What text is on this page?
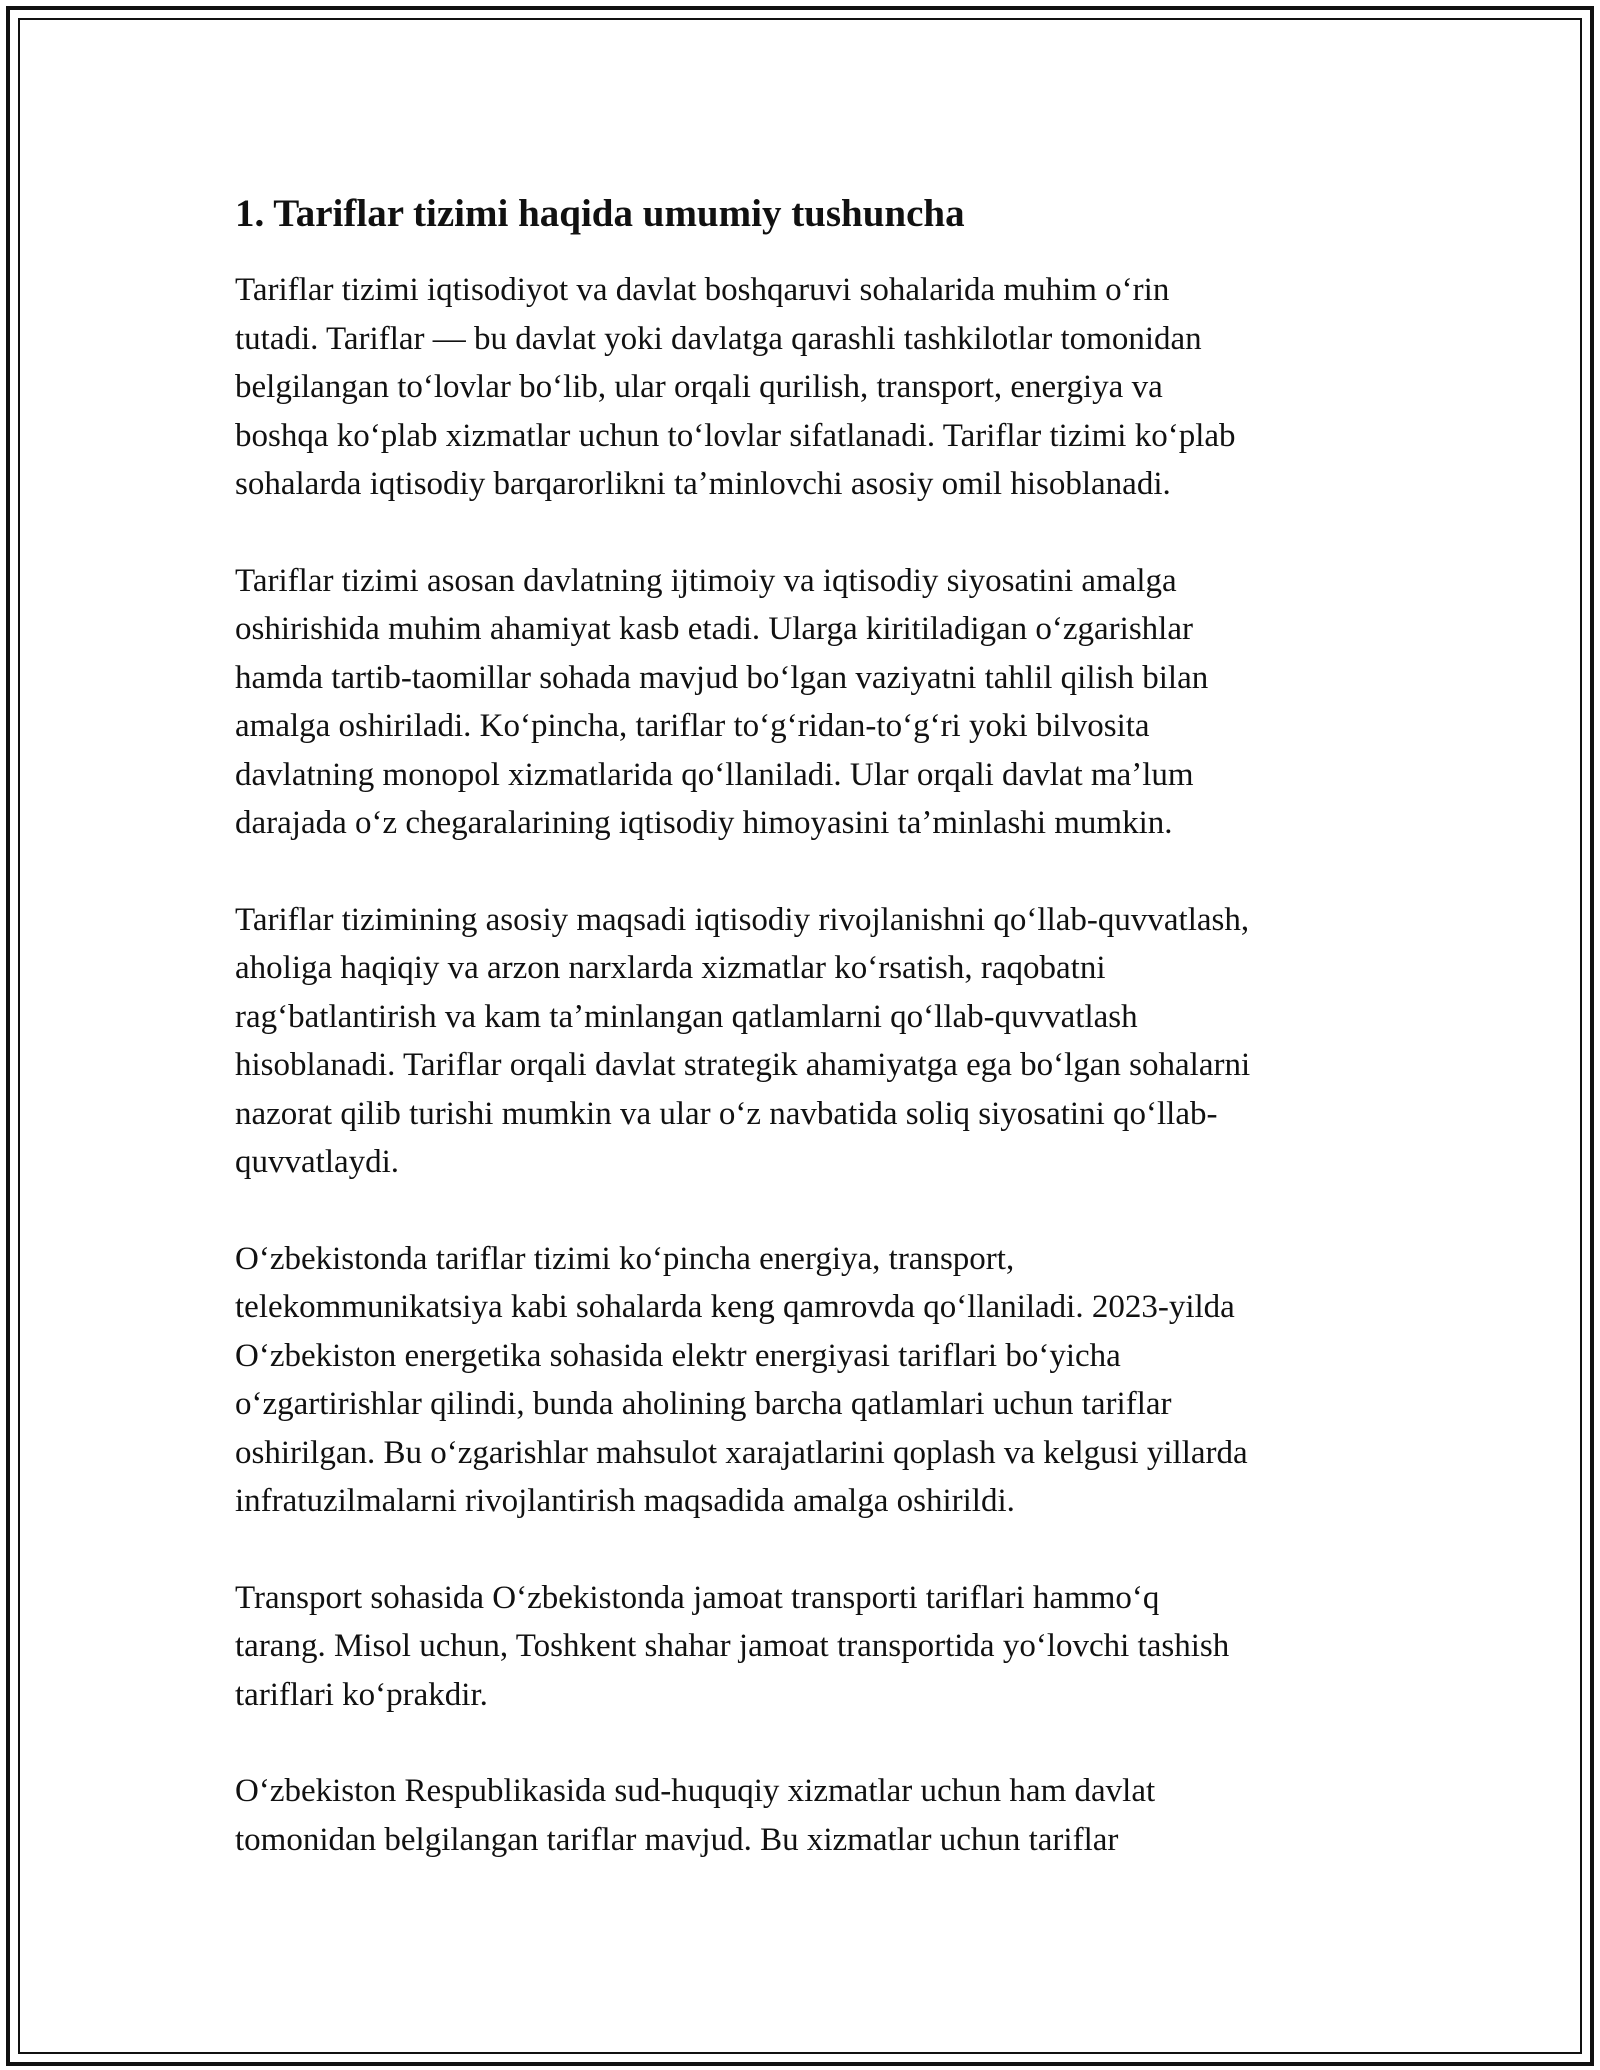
1. Tariflar tizimi haqida umumiy tushuncha

Tariflar tizimi iqtisodiyot va davlat boshqaruvi sohalarida muhim oʻrin
tutadi. Tariflar — bu davlat yoki davlatga qarashli tashkilotlar tomonidan
belgilangan toʻlovlar boʻlib, ular orqali qurilish, transport, energiya va
boshqa koʻplab xizmatlar uchun toʻlovlar sifatlanadi. Tariflar tizimi koʻplab
sohalarda iqtisodiy barqarorlikni taʼminlovchi asosiy omil hisoblanadi.

Tariflar tizimi asosan davlatning ijtimoiy va iqtisodiy siyosatini amalga
oshirishida muhim ahamiyat kasb etadi. Ularga kiritiladigan oʻzgarishlar
hamda tartib-taomillar sohada mavjud boʻlgan vaziyatni tahlil qilish bilan
amalga oshiriladi. Koʻpincha, tariflar toʻgʻridan-toʻgʻri yoki bilvosita
davlatning monopol xizmatlarida qoʻllaniladi. Ular orqali davlat maʼlum
darajada oʻz chegaralarining iqtisodiy himoyasini taʼminlashi mumkin.

Tariflar tizimining asosiy maqsadi iqtisodiy rivojlanishni qoʻllab-quvvatlash,
aholiga haqiqiy va arzon narxlarda xizmatlar koʻrsatish, raqobatni
ragʻbatlantirish va kam taʼminlangan qatlamlarni qoʻllab-quvvatlash
hisoblanadi. Tariflar orqali davlat strategik ahamiyatga ega boʻlgan sohalarni
nazorat qilib turishi mumkin va ular oʻz navbatida soliq siyosatini qoʻllab-
quvvatlaydi.

Oʻzbekistonda tariflar tizimi koʻpincha energiya, transport,
telekommunikatsiya kabi sohalarda keng qamrovda qoʻllaniladi. 2023-yilda
Oʻzbekiston energetika sohasida elektr energiyasi tariflari boʻyicha
oʻzgartirishlar qilindi, bunda aholining barcha qatlamlari uchun tariflar
oshirilgan. Bu oʻzgarishlar mahsulot xarajatlarini qoplash va kelgusi yillarda
infratuzilmalarni rivojlantirish maqsadida amalga oshirildi.

Transport sohasida Oʻzbekistonda jamoat transporti tariflari hammoʻq
tarang. Misol uchun, Toshkent shahar jamoat transportida yoʻlovchi tashish
tariflari koʻprakdir.

Oʻzbekiston Respublikasida sud-huquqiy xizmatlar uchun ham davlat
tomonidan belgilangan tariflar mavjud. Bu xizmatlar uchun tariflar
